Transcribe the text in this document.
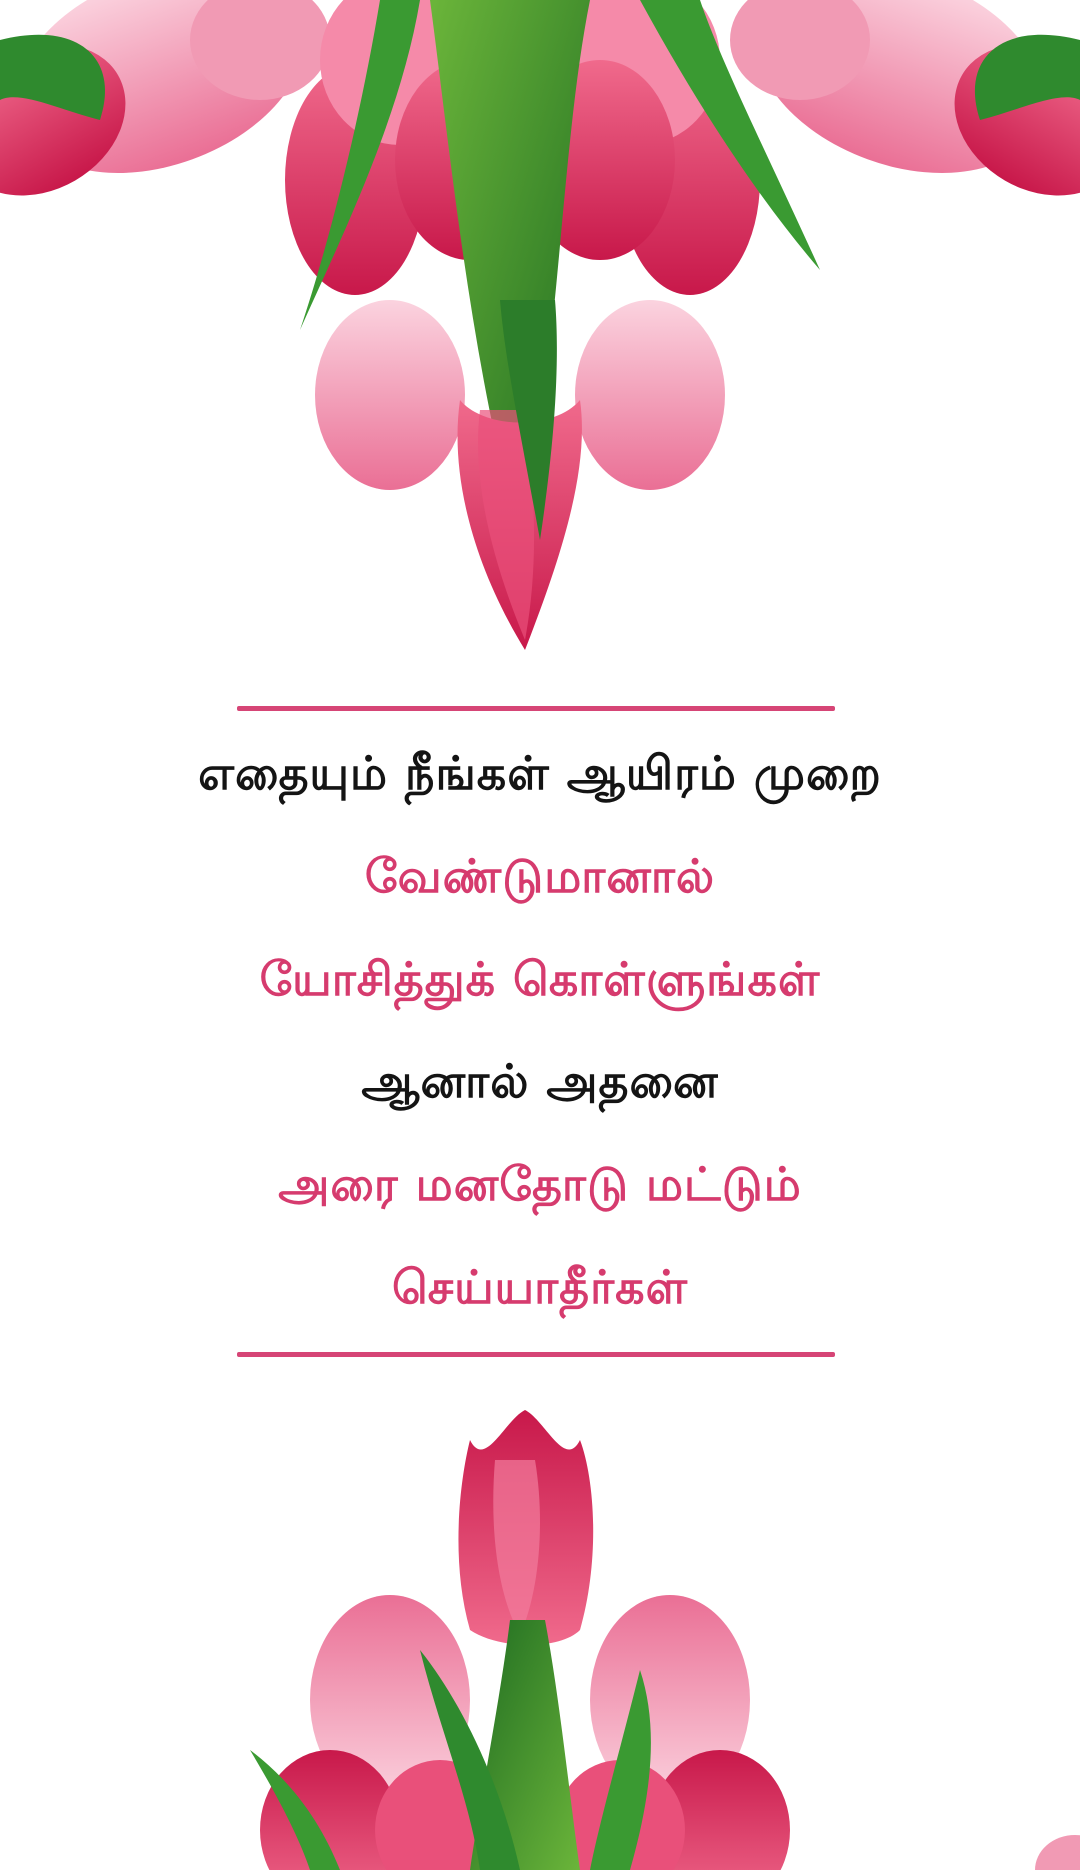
எதையும் நீங்கள் ஆயிரம் முறை
வேண்டுமானால்
யோசித்துக் கொள்ளுங்கள்
ஆனால் அதனை
அரை மனதோடு மட்டும்
செய்யாதீர்கள்
